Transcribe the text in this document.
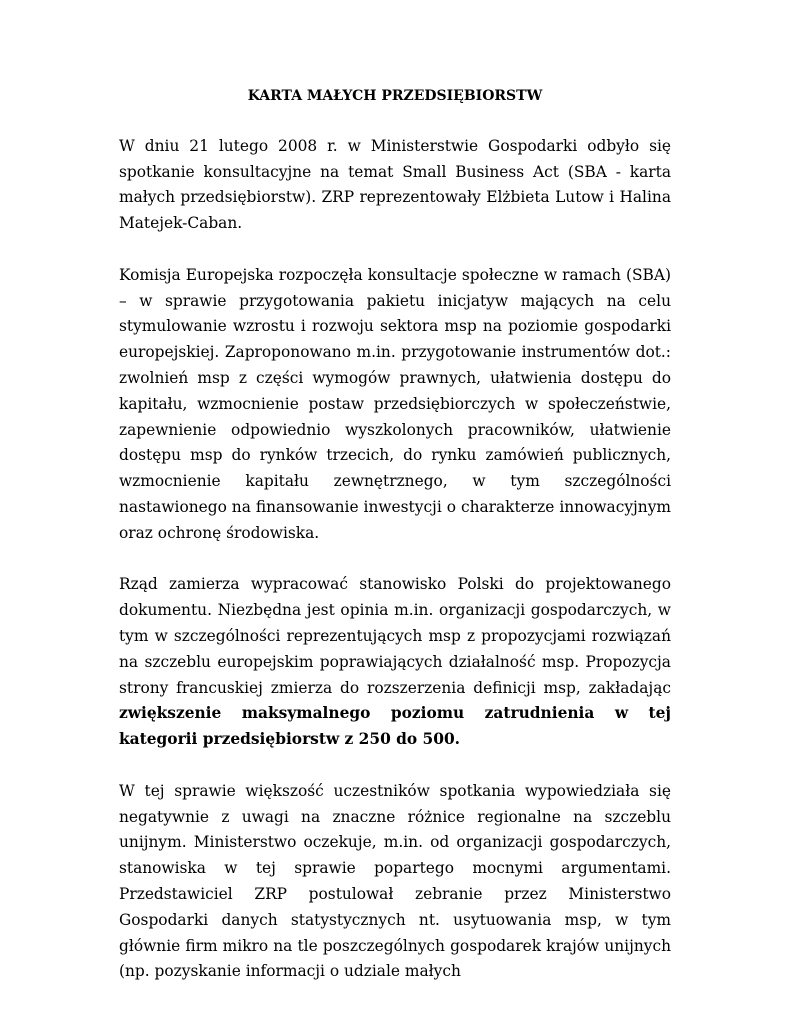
KARTA MAŁYCH PRZEDSIĘBIORSTW

W dniu 21 lutego 2008 r. w Ministerstwie Gospodarki odbyło się spotkanie konsultacyjne na temat Small Business Act (SBA - karta małych przedsiębiorstw). ZRP reprezentowały Elżbieta Lutow i Halina Matejek-Caban.

Komisja Europejska rozpoczęła konsultacje społeczne w ramach (SBA) – w sprawie przygotowania pakietu inicjatyw mających na celu stymulowanie wzrostu i rozwoju sektora msp na poziomie gospodarki europejskiej. Zaproponowano m.in. przygotowanie instrumentów dot.: zwolnień msp z części wymogów prawnych, ułatwienia dostępu do kapitału, wzmocnienie postaw przedsiębiorczych w społeczeństwie, zapewnienie odpowiednio wyszkolonych pracowników, ułatwienie dostępu msp do rynków trzecich, do rynku zamówień publicznych, wzmocnienie kapitału zewnętrznego, w tym szczególności nastawionego na finansowanie inwestycji o charakterze innowacyjnym oraz ochronę środowiska.

Rząd zamierza wypracować stanowisko Polski do projektowanego dokumentu. Niezbędna jest opinia m.in. organizacji gospodarczych, w tym w szczególności reprezentujących msp z propozycjami rozwiązań na szczeblu europejskim poprawiających działalność msp. Propozycja strony francuskiej zmierza do rozszerzenia definicji msp, zakładając zwiększenie maksymalnego poziomu zatrudnienia w tej kategorii przedsiębiorstw z 250 do 500.

W tej sprawie większość uczestników spotkania wypowiedziała się negatywnie z uwagi na znaczne różnice regionalne na szczeblu unijnym. Ministerstwo oczekuje, m.in. od organizacji gospodarczych, stanowiska w tej sprawie popartego mocnymi argumentami. Przedstawiciel ZRP postulował zebranie przez Ministerstwo Gospodarki danych statystycznych nt. usytuowania msp, w tym głównie firm mikro na tle poszczególnych gospodarek krajów unijnych (np. pozyskanie informacji o udziale małych
